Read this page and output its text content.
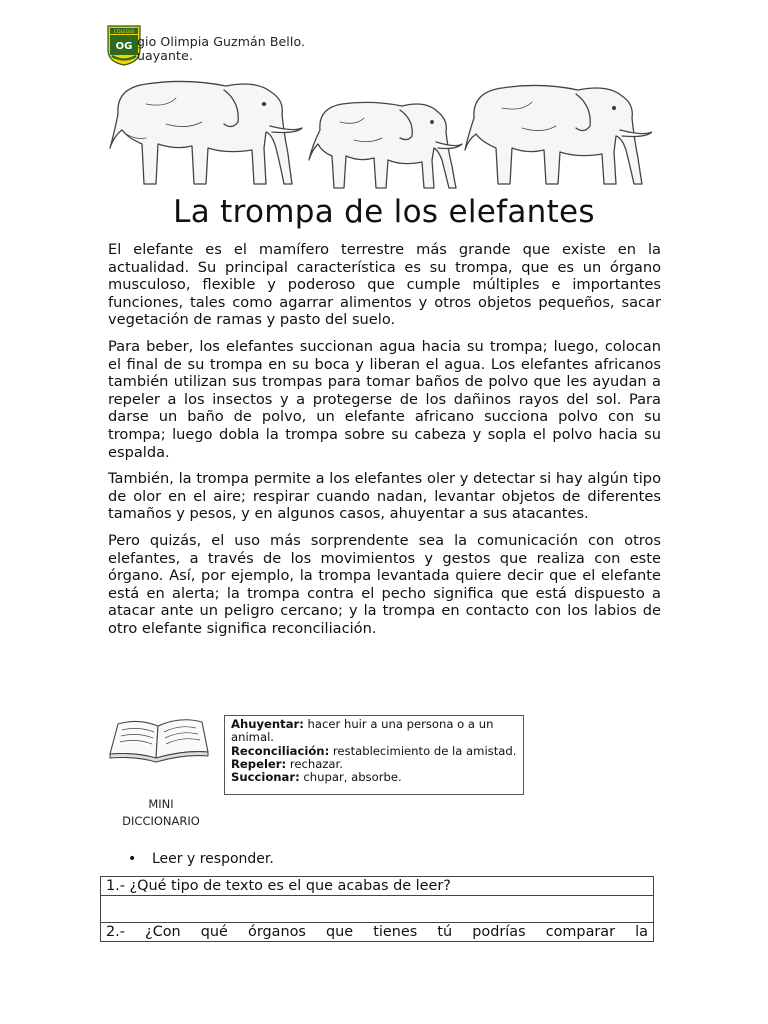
COLEGIO
OG gio Olimpia Guzmán Bello.
uayante.
La trompa de los elefantes

El elefante es el mamífero terrestre más grande que existe en la actualidad. Su principal característica es su trompa, que es un órgano musculoso, flexible y poderoso que cumple múltiples e importantes funciones, tales como agarrar alimentos y otros objetos pequeños, sacar vegetación de ramas y pasto del suelo.

Para beber, los elefantes succionan agua hacia su trompa; luego, colocan el final de su trompa en su boca y liberan el agua. Los elefantes africanos también utilizan sus trompas para tomar baños de polvo que les ayudan a repeler a los insectos y a protegerse de los dañinos rayos del sol. Para darse un baño de polvo, un elefante africano succiona polvo con su trompa; luego dobla la trompa sobre su cabeza y sopla el polvo hacia su espalda.

También, la trompa permite a los elefantes oler y detectar si hay algún tipo de olor en el aire; respirar cuando nadan, levantar objetos de diferentes tamaños y pesos, y en algunos casos, ahuyentar a sus atacantes.

Pero quizás, el uso más sorprendente sea la comunicación con otros elefantes, a través de los movimientos y gestos que realiza con este órgano. Así, por ejemplo, la trompa levantada quiere decir que el elefante está en alerta; la trompa contra el pecho significa que está dispuesto a atacar ante un peligro cercano; y la trompa en contacto con los labios de otro elefante significa reconciliación.

MINI
DICCIONARIO

Ahuyentar: hacer huir a una persona o a un animal.

Reconciliación: restablecimiento de la amistad.

Repeler: rechazar.

Succionar: chupar, absorbe.

• Leer y responder.
1.- ¿Qué tipo de texto es el que acabas de leer?

2.- ¿Con qué órganos que tienes tú podrías comparar la
